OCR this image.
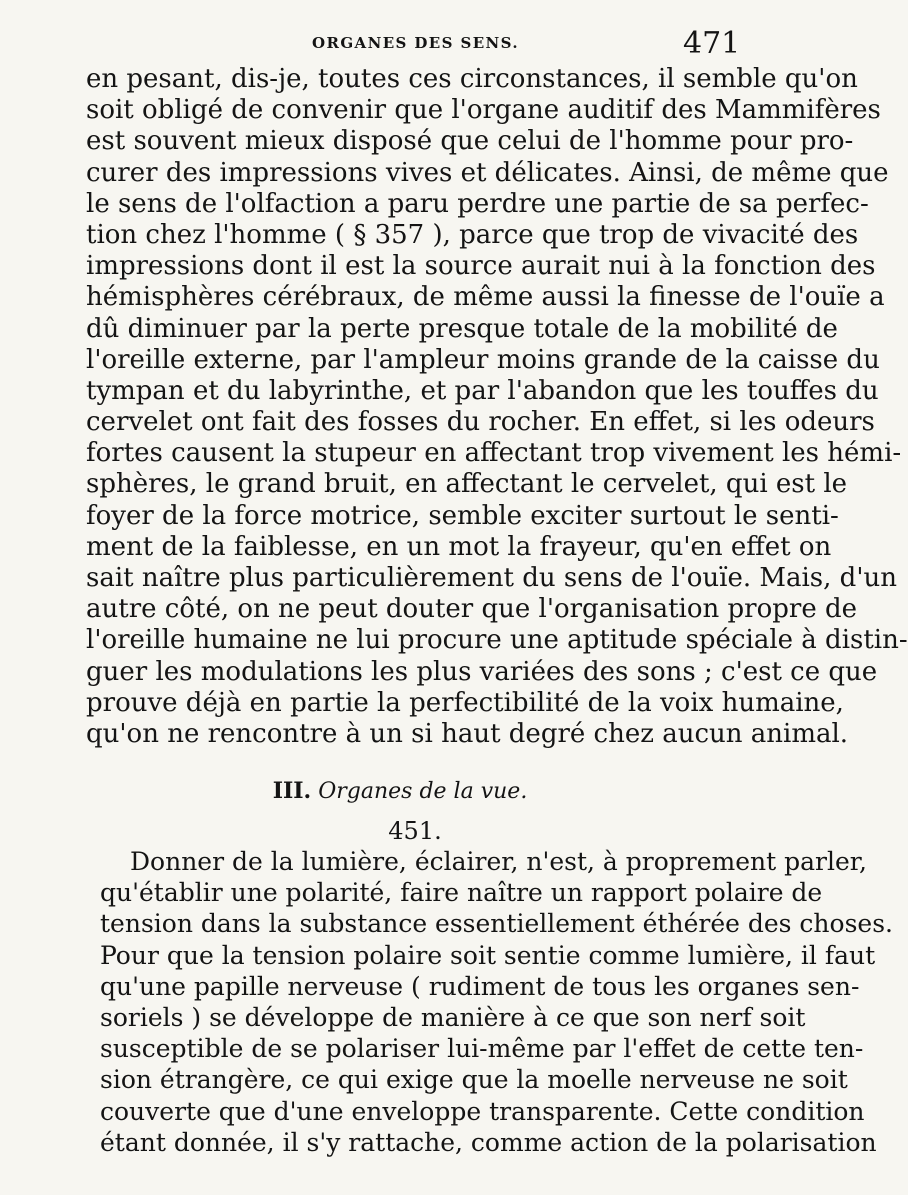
ORGANES DES SENS.	471
en pesant, dis-je, toutes ces circonstances, il semble qu'on
soit obligé de convenir que l'organe auditif des Mammifères
est souvent mieux disposé que celui de l'homme pour pro-
curer des impressions vives et délicates. Ainsi, de même que
le sens de l'olfaction a paru perdre une partie de sa perfec-
tion chez l'homme ( § 357 ), parce que trop de vivacité des
impressions dont il est la source aurait nui à la fonction des
hémisphères cérébraux, de même aussi la finesse de l'ouïe a
dû diminuer par la perte presque totale de la mobilité de
l'oreille externe, par l'ampleur moins grande de la caisse du
tympan et du labyrinthe, et par l'abandon que les touffes du
cervelet ont fait des fosses du rocher. En effet, si les odeurs
fortes causent la stupeur en affectant trop vivement les hémi-
sphères, le grand bruit, en affectant le cervelet, qui est le
foyer de la force motrice, semble exciter surtout le senti-
ment de la faiblesse, en un mot la frayeur, qu'en effet on
sait naître plus particulièrement du sens de l'ouïe. Mais, d'un
autre côté, on ne peut douter que l'organisation propre de
l'oreille humaine ne lui procure une aptitude spéciale à distin-
guer les modulations les plus variées des sons ; c'est ce que
prouve déjà en partie la perfectibilité de la voix humaine,
qu'on ne rencontre à un si haut degré chez aucun animal.
III. Organes de la vue.
451.
Donner de la lumière, éclairer, n'est, à proprement parler,
qu'établir une polarité, faire naître un rapport polaire de
tension dans la substance essentiellement éthérée des choses.
Pour que la tension polaire soit sentie comme lumière, il faut
qu'une papille nerveuse ( rudiment de tous les organes sen-
soriels ) se développe de manière à ce que son nerf soit
susceptible de se polariser lui-même par l'effet de cette ten-
sion étrangère, ce qui exige que la moelle nerveuse ne soit
couverte que d'une enveloppe transparente. Cette condition
étant donnée, il s'y rattache, comme action de la polarisation
